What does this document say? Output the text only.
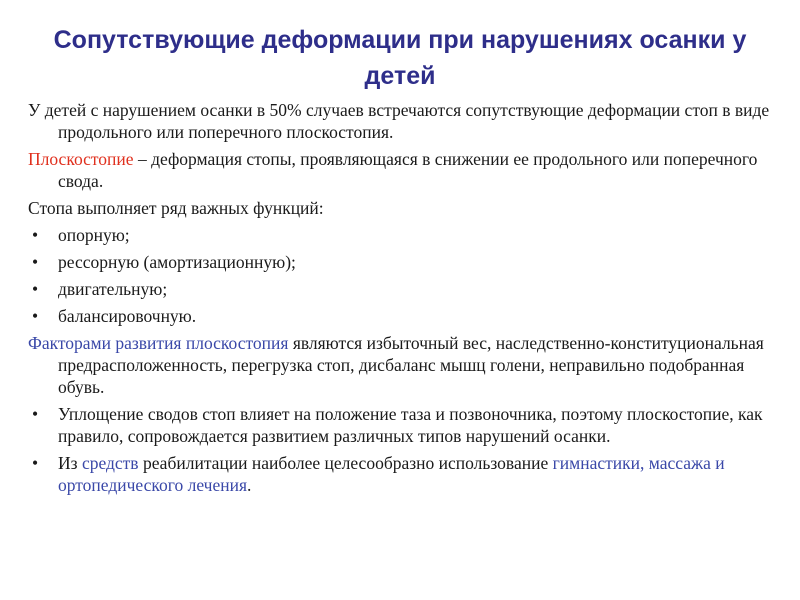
Сопутствующие деформации при нарушениях осанки у детей

У детей с нарушением осанки в 50% случаев встречаются сопутствующие деформации стоп в виде продольного или поперечного плоскостопия.

Плоскостопие – деформация стопы, проявляющаяся в снижении ее продольного или поперечного свода.

Стопа выполняет ряд важных функций:

• опорную;
• рессорную (амортизационную);
• двигательную;
• балансировочную.

Факторами развития плоскостопия являются избыточный вес, наследственно-конституциональная предрасположенность, перегрузка стоп, дисбаланс мышц голени, неправильно подобранная обувь.

• Уплощение сводов стоп влияет на положение таза и позвоночника, поэтому плоскостопие, как правило, сопровождается развитием различных типов нарушений осанки.
• Из средств реабилитации наиболее целесообразно использование гимнастики, массажа и ортопедического лечения.
